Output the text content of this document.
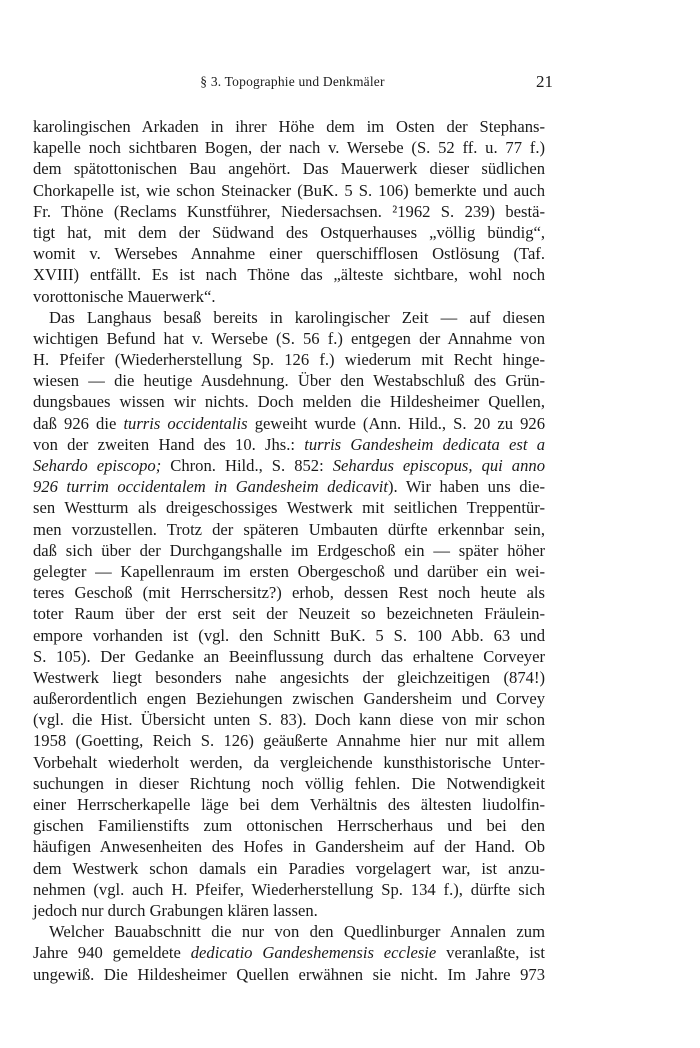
§ 3. Topographie und Denkmäler	21
karolingischen Arkaden in ihrer Höhe dem im Osten der Stephans-
kapelle noch sichtbaren Bogen, der nach v. Wersebe (S. 52 ff. u. 77 f.)
dem spätottonischen Bau angehört. Das Mauerwerk dieser südlichen
Chorkapelle ist, wie schon Steinacker (BuK. 5 S. 106) bemerkte und auch
Fr. Thöne (Reclams Kunstführer, Niedersachsen. ²1962 S. 239) bestä-
tigt hat, mit dem der Südwand des Ostquerhauses „völlig bündig“,
womit v. Wersebes Annahme einer querschifflosen Ostlösung (Taf.
XVIII) entfällt. Es ist nach Thöne das „älteste sichtbare, wohl noch
vorottonische Mauerwerk“.
Das Langhaus besaß bereits in karolingischer Zeit — auf diesen
wichtigen Befund hat v. Wersebe (S. 56 f.) entgegen der Annahme von
H. Pfeifer (Wiederherstellung Sp. 126 f.) wiederum mit Recht hinge-
wiesen — die heutige Ausdehnung. Über den Westabschluß des Grün-
dungsbaues wissen wir nichts. Doch melden die Hildesheimer Quellen,
daß 926 die turris occidentalis geweiht wurde (Ann. Hild., S. 20 zu 926
von der zweiten Hand des 10. Jhs.: turris Gandesheim dedicata est a
Sehardo episcopo; Chron. Hild., S. 852: Sehardus episcopus, qui anno
926 turrim occidentalem in Gandesheim dedicavit). Wir haben uns die-
sen Westturm als dreigeschossiges Westwerk mit seitlichen Treppentür-
men vorzustellen. Trotz der späteren Umbauten dürfte erkennbar sein,
daß sich über der Durchgangshalle im Erdgeschoß ein — später höher
gelegter — Kapellenraum im ersten Obergeschoß und darüber ein wei-
teres Geschoß (mit Herrschersitz?) erhob, dessen Rest noch heute als
toter Raum über der erst seit der Neuzeit so bezeichneten Fräulein-
empore vorhanden ist (vgl. den Schnitt BuK. 5 S. 100 Abb. 63 und
S. 105). Der Gedanke an Beeinflussung durch das erhaltene Corveyer
Westwerk liegt besonders nahe angesichts der gleichzeitigen (874!)
außerordentlich engen Beziehungen zwischen Gandersheim und Corvey
(vgl. die Hist. Übersicht unten S. 83). Doch kann diese von mir schon
1958 (Goetting, Reich S. 126) geäußerte Annahme hier nur mit allem
Vorbehalt wiederholt werden, da vergleichende kunsthistorische Unter-
suchungen in dieser Richtung noch völlig fehlen. Die Notwendigkeit
einer Herrscherkapelle läge bei dem Verhältnis des ältesten liudolfin-
gischen Familienstifts zum ottonischen Herrscherhaus und bei den
häufigen Anwesenheiten des Hofes in Gandersheim auf der Hand. Ob
dem Westwerk schon damals ein Paradies vorgelagert war, ist anzu-
nehmen (vgl. auch H. Pfeifer, Wiederherstellung Sp. 134 f.), dürfte sich
jedoch nur durch Grabungen klären lassen.
Welcher Bauabschnitt die nur von den Quedlinburger Annalen zum
Jahre 940 gemeldete dedicatio Gandeshemensis ecclesie veranlaßte, ist
ungewiß. Die Hildesheimer Quellen erwähnen sie nicht. Im Jahre 973
